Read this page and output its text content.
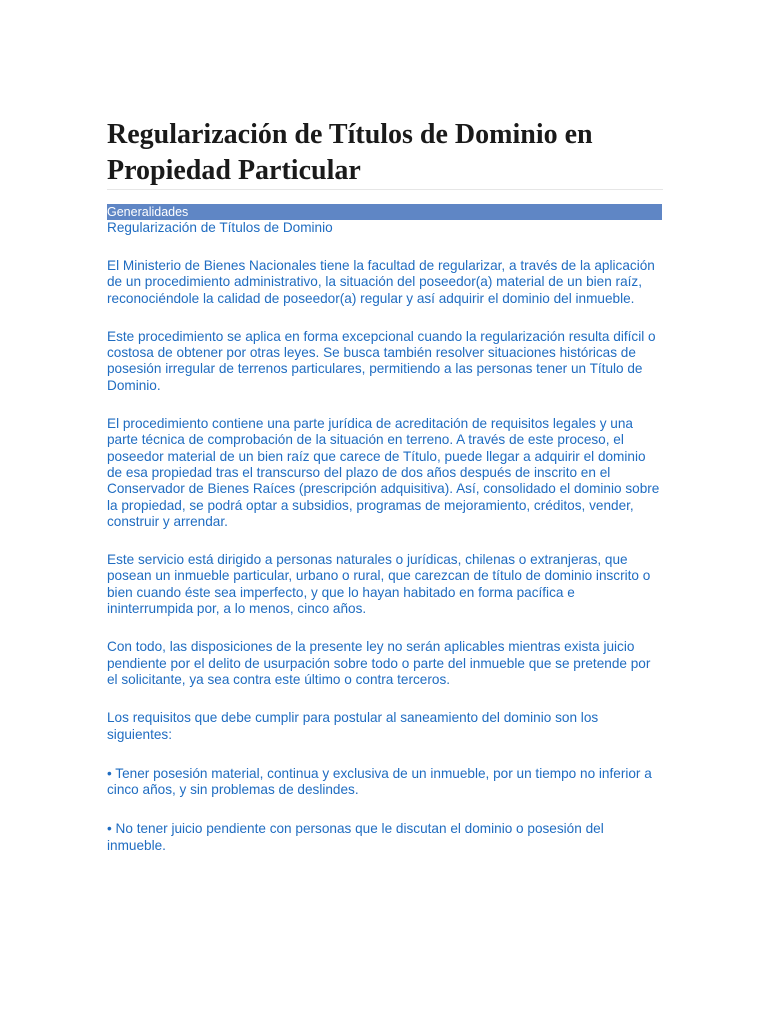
Regularización de Títulos de Dominio en Propiedad Particular
Generalidades

Regularización de Títulos de Dominio

El Ministerio de Bienes Nacionales tiene la facultad de regularizar, a través de la aplicación de un procedimiento administrativo, la situación del poseedor(a) material de un bien raíz, reconociéndole la calidad de poseedor(a) regular y así adquirir el dominio del inmueble.

Este procedimiento se aplica en forma excepcional cuando la regularización resulta difícil o costosa de obtener por otras leyes. Se busca también resolver situaciones históricas de posesión irregular de terrenos particulares, permitiendo a las personas tener un Título de Dominio.

El procedimiento contiene una parte jurídica de acreditación de requisitos legales y una parte técnica de comprobación de la situación en terreno. A través de este proceso, el poseedor material de un bien raíz que carece de Título, puede llegar a adquirir el dominio de esa propiedad tras el transcurso del plazo de dos años después de inscrito en el Conservador de Bienes Raíces (prescripción adquisitiva). Así, consolidado el dominio sobre la propiedad, se podrá optar a subsidios, programas de mejoramiento, créditos, vender, construir y arrendar.

Este servicio está dirigido a personas naturales o jurídicas, chilenas o extranjeras, que posean un inmueble particular, urbano o rural, que carezcan de título de dominio inscrito o bien cuando éste sea imperfecto, y que lo hayan habitado en forma pacífica e ininterrumpida por, a lo menos, cinco años.

Con todo, las disposiciones de la presente ley no serán aplicables mientras exista juicio pendiente por el delito de usurpación sobre todo o parte del inmueble que se pretende por el solicitante, ya sea contra este último o contra terceros.

Los requisitos que debe cumplir para postular al saneamiento del dominio son los siguientes:

• Tener posesión material, continua y exclusiva de un inmueble, por un tiempo no inferior a cinco años, y sin problemas de deslindes.

• No tener juicio pendiente con personas que le discutan el dominio o posesión del inmueble.
